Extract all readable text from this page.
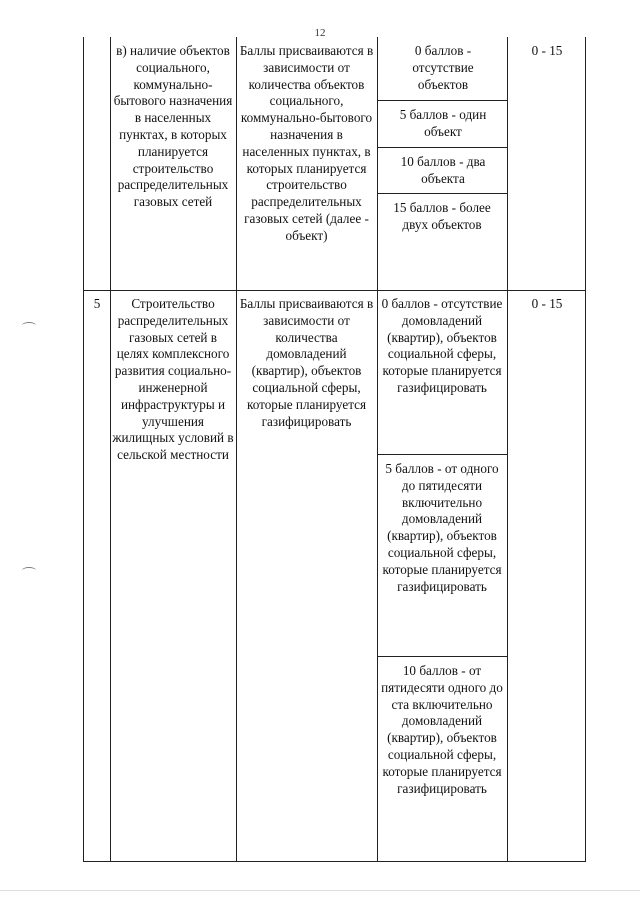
12
в) наличие объектов социального, коммунально-бытового назначения в населенных пунктах, в которых планируется строительство распределительных газовых сетей
Баллы присваиваются в зависимости от количества объектов социального, коммунально-бытового назначения в населенных пунктах, в которых планируется строительство распределительных газовых сетей (далее - объект)
0 баллов - отсутствие объектов
5 баллов - один объект
10 баллов - два объекта
15 баллов - более двух объектов
0 - 15
5	Строительство распределительных газовых сетей в целях комплексного развития социально-инженерной инфраструктуры и улучшения жилищных условий в сельской местности
Баллы присваиваются в зависимости от количества домовладений (квартир), объектов социальной сферы, которые планируется газифицировать
0 баллов - отсутствие домовладений (квартир), объектов социальной сферы, которые планируется газифицировать
5 баллов - от одного до пятидесяти включительно домовладений (квартир), объектов социальной сферы, которые планируется газифицировать
10 баллов - от пятидесяти одного до ста включительно домовладений (квартир), объектов социальной сферы, которые планируется газифицировать
0 - 15
